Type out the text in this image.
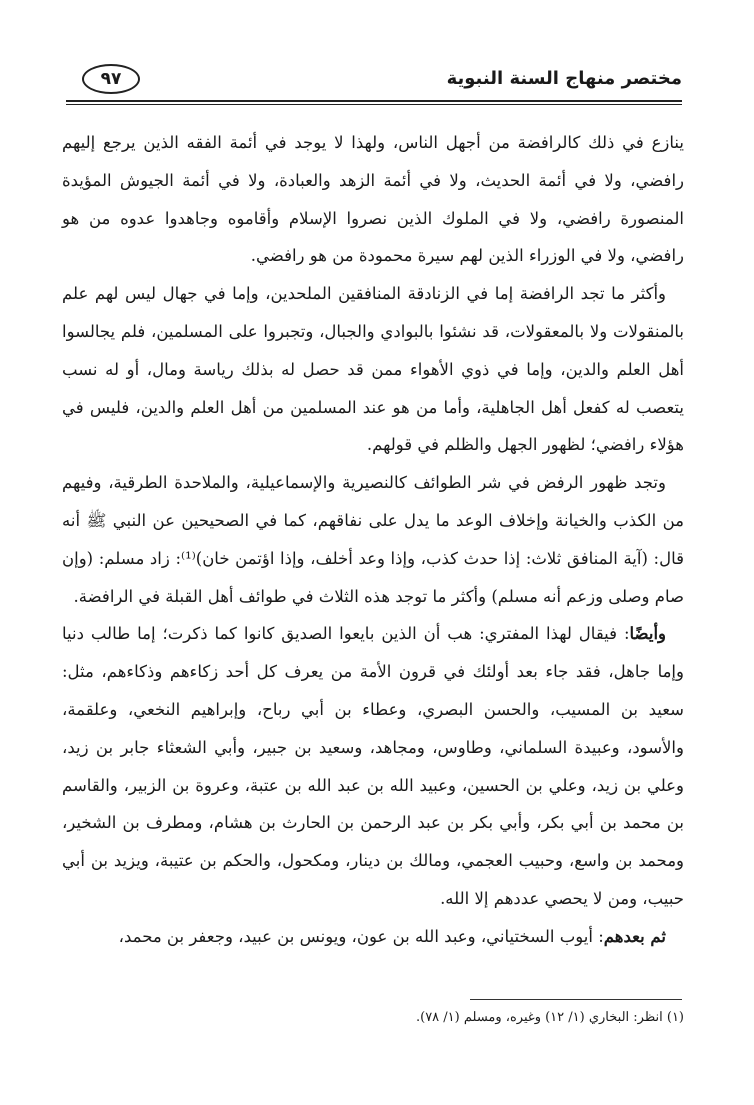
٩٧	مختصر منهاج السنة النبوية

ينازع في ذلك كالرافضة من أجهل الناس، ولهذا لا يوجد في أئمة الفقه الذين يرجع إليهم رافضي، ولا في أئمة الحديث، ولا في أئمة الزهد والعبادة، ولا في أئمة الجيوش المؤيدة المنصورة رافضي، ولا في الملوك الذين نصروا الإسلام وأقاموه وجاهدوا عدوه من هو رافضي، ولا في الوزراء الذين لهم سيرة محمودة من هو رافضي.

وأكثر ما تجد الرافضة إما في الزنادقة المنافقين الملحدين، وإما في جهال ليس لهم علم بالمنقولات ولا بالمعقولات، قد نشئوا بالبوادي والجبال، وتجبروا على المسلمين، فلم يجالسوا أهل العلم والدين، وإما في ذوي الأهواء ممن قد حصل له بذلك رياسة ومال، أو له نسب يتعصب له كفعل أهل الجاهلية، وأما من هو عند المسلمين من أهل العلم والدين، فليس في هؤلاء رافضي؛ لظهور الجهل والظلم في قولهم.

وتجد ظهور الرفض في شر الطوائف كالنصيرية والإسماعيلية، والملاحدة الطرقية، وفيهم من الكذب والخيانة وإخلاف الوعد ما يدل على نفاقهم، كما في الصحيحين عن النبي ﷺ أنه قال: (آية المنافق ثلاث: إذا حدث كذب، وإذا وعد أخلف، وإذا اؤتمن خان)⁽¹⁾: زاد مسلم: (وإن صام وصلى وزعم أنه مسلم) وأكثر ما توجد هذه الثلاث في طوائف أهل القبلة في الرافضة.

وأيضًا: فيقال لهذا المفتري: هب أن الذين بايعوا الصديق كانوا كما ذكرت؛ إما طالب دنيا وإما جاهل، فقد جاء بعد أولئك في قرون الأمة من يعرف كل أحد زكاءهم وذكاءهم، مثل: سعيد بن المسيب، والحسن البصري، وعطاء بن أبي رباح، وإبراهيم النخعي، وعلقمة، والأسود، وعبيدة السلماني، وطاوس، ومجاهد، وسعيد بن جبير، وأبي الشعثاء جابر بن زيد، وعلي بن زيد، وعلي بن الحسين، وعبيد الله بن عبد الله بن عتبة، وعروة بن الزبير، والقاسم بن محمد بن أبي بكر، وأبي بكر بن عبد الرحمن بن الحارث بن هشام، ومطرف بن الشخير، ومحمد بن واسع، وحبيب العجمي، ومالك بن دينار، ومكحول، والحكم بن عتيبة، ويزيد بن أبي حبيب، ومن لا يحصي عددهم إلا الله.

ثم بعدهم: أيوب السختياني، وعبد الله بن عون، ويونس بن عبيد، وجعفر بن محمد،

(١) انظر: البخاري (١/ ١٢) وغيره، ومسلم (١/ ٧٨).
